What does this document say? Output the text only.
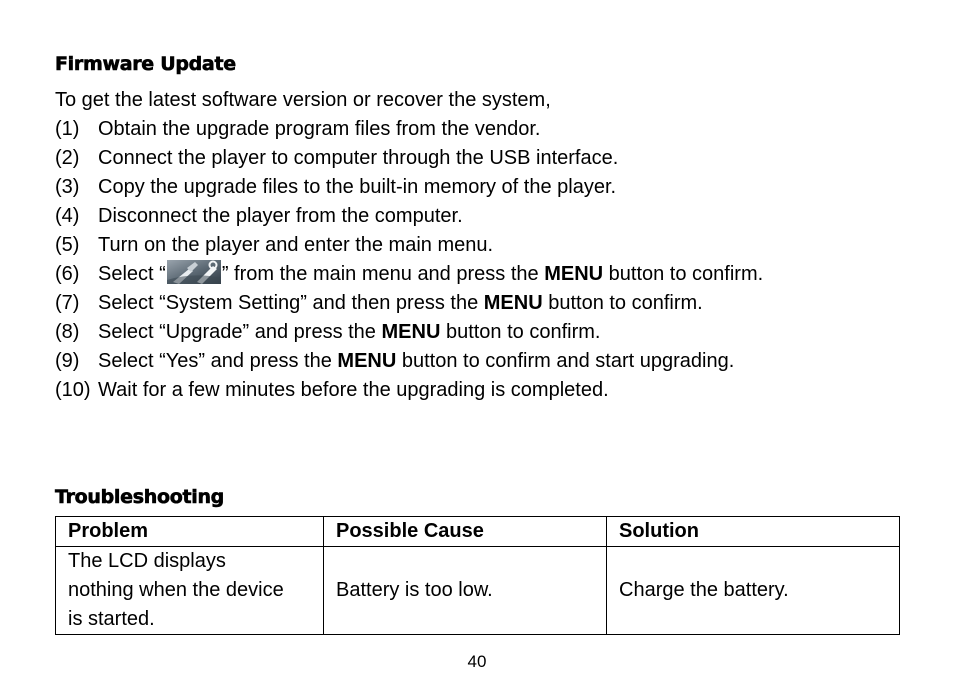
Firmware Update
To get the latest software version or recover the system,
(1) Obtain the upgrade program files from the vendor.
(2) Connect the player to computer through the USB interface.
(3) Copy the upgrade files to the built-in memory of the player.
(4) Disconnect the player from the computer.
(5) Turn on the player and enter the main menu.
(6) Select “	” from the main menu and press the MENU button to confirm.
(7) Select “System Setting” and then press the MENU button to confirm.
(8) Select “Upgrade” and press the MENU button to confirm.
(9) Select “Yes” and press the MENU button to confirm and start upgrading.
(10) Wait for a few minutes before the upgrading is completed.
Troubleshooting
Problem	Possible Cause	Solution
The LCD displays
nothing when the device
is started.	Battery is too low.	Charge the battery.
40
